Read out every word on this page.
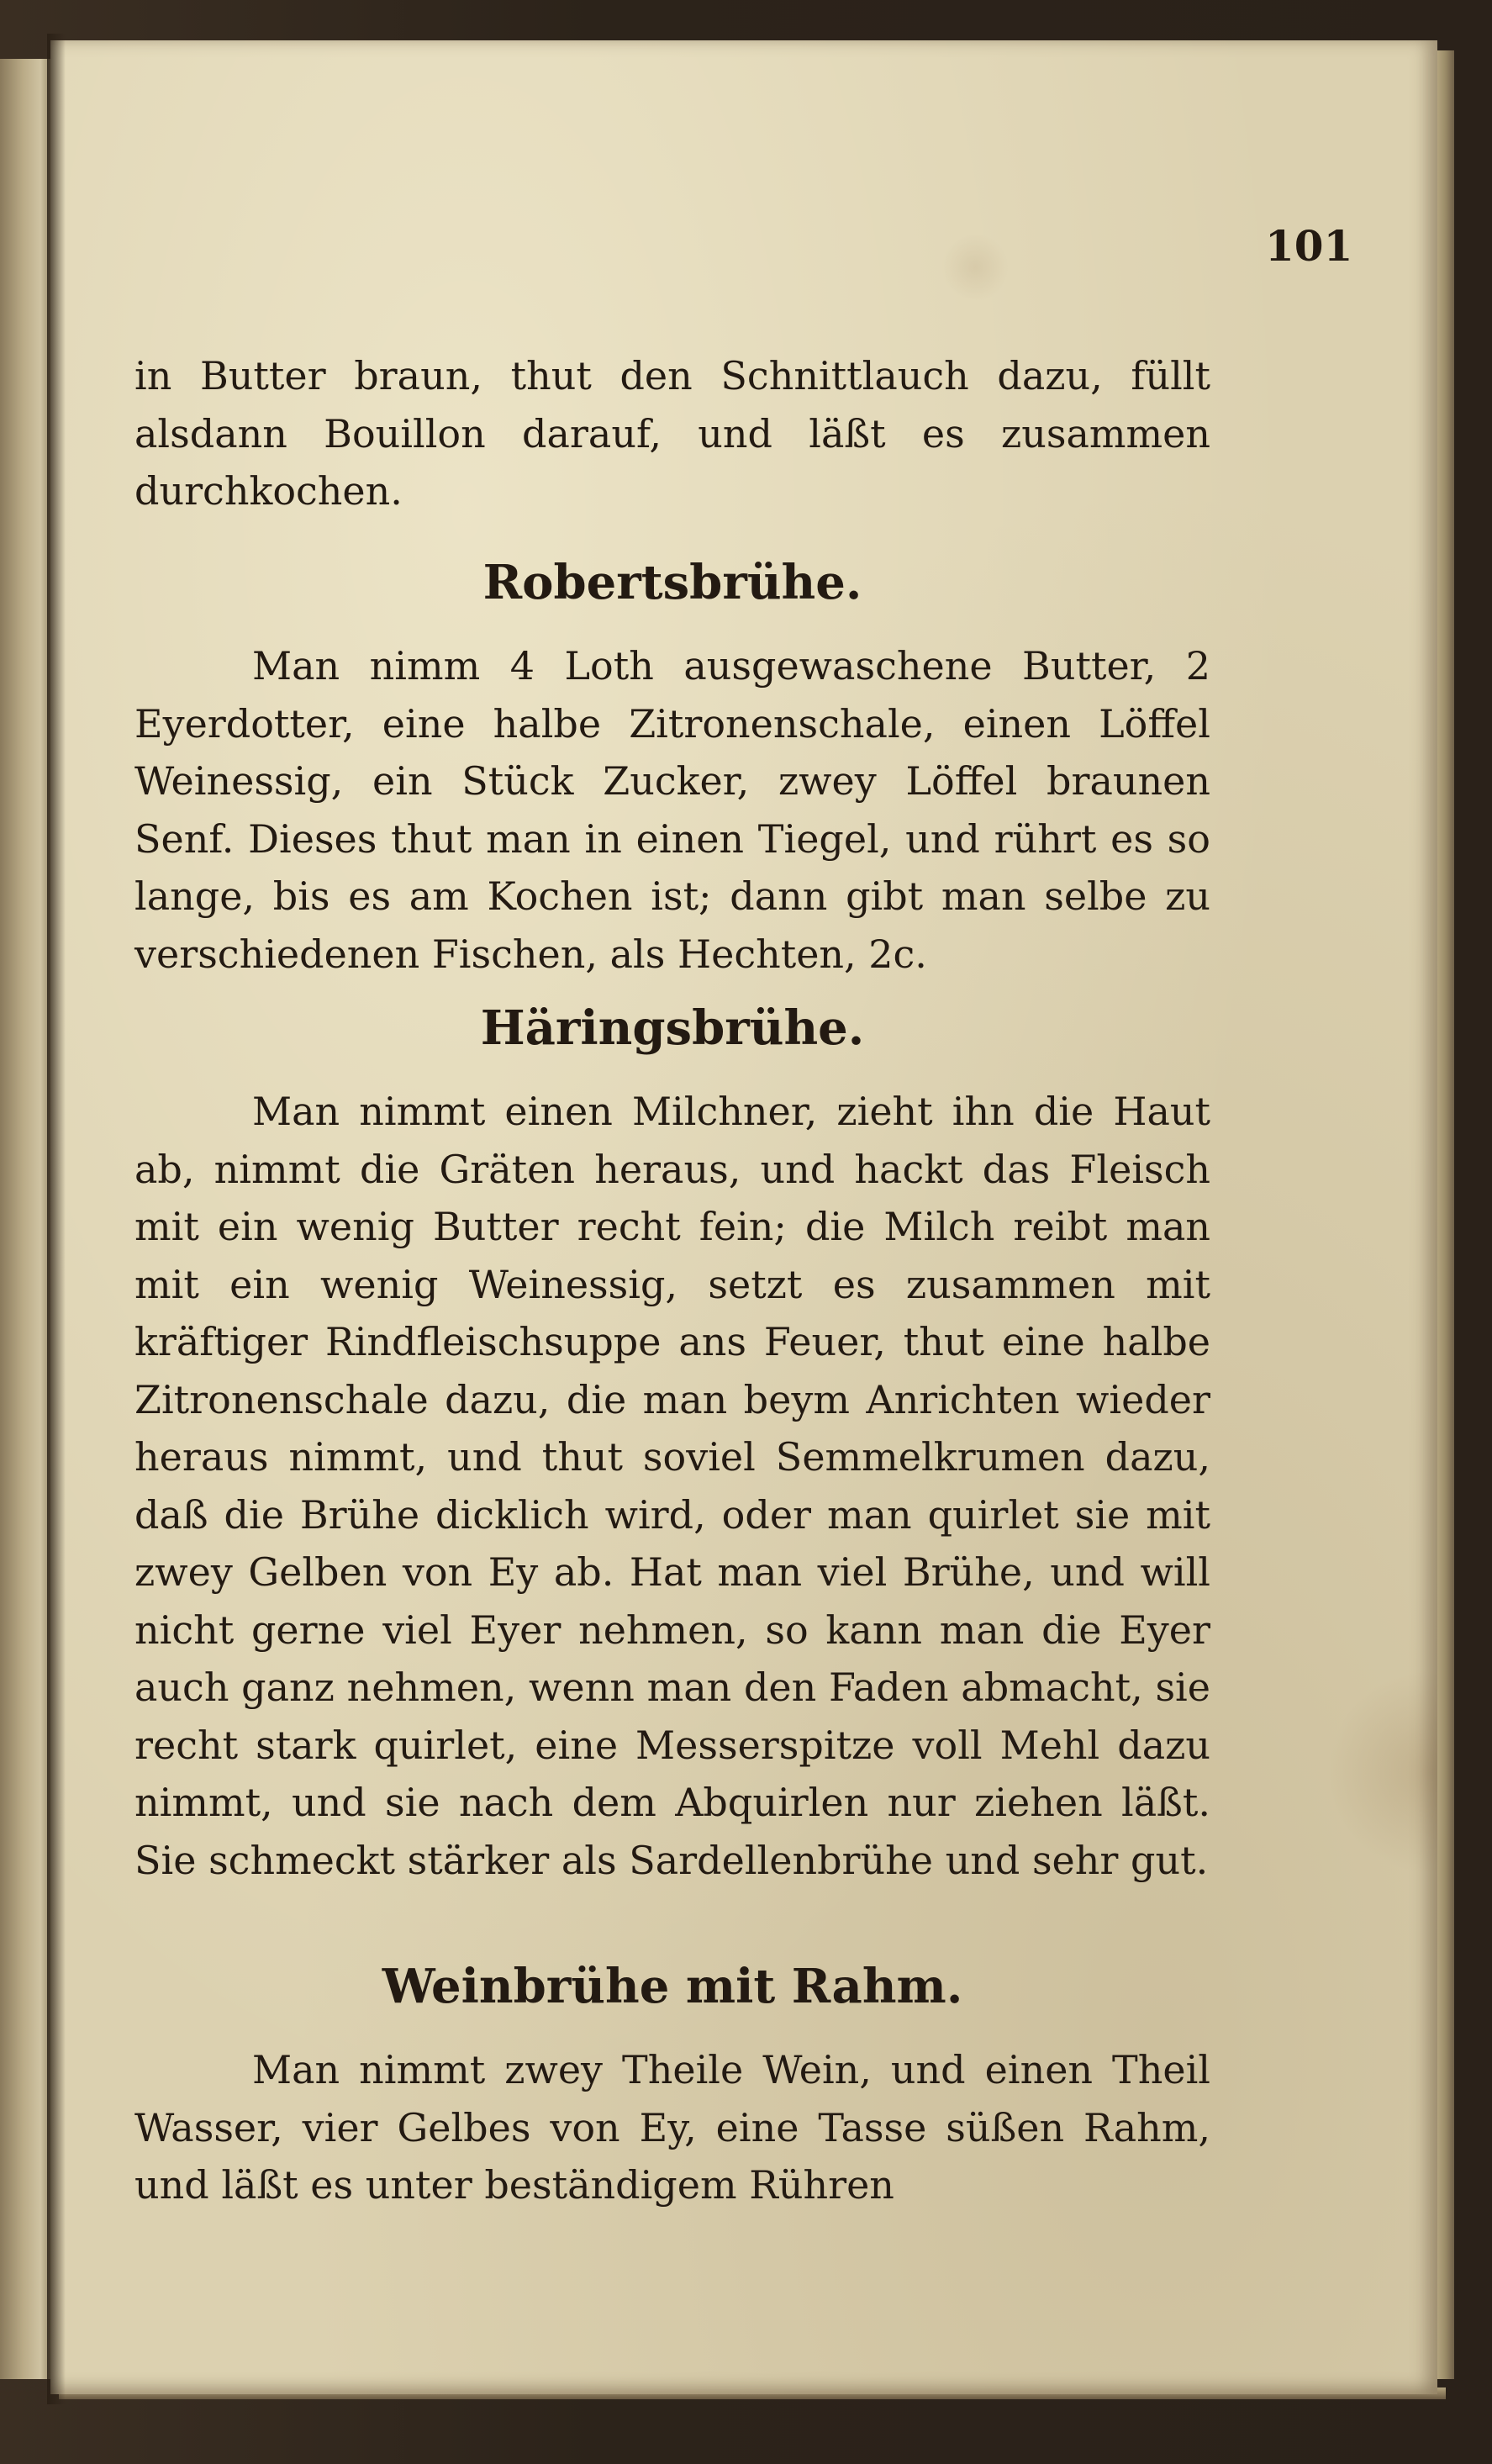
101

in Butter braun, thut den Schnittlauch dazu, füllt alsdann Bouillon darauf, und läßt es zusammen durchkochen.

Robertsbrühe.

Man nimm 4 Loth ausgewaschene Butter, 2 Eyerdotter, eine halbe Zitronenschale, einen Löffel Weinessig, ein Stück Zucker, zwey Löffel braunen Senf. Dieses thut man in einen Tiegel, und rührt es so lange, bis es am Kochen ist; dann gibt man selbe zu verschiedenen Fischen, als Hechten, 2c.

Häringsbrühe.

Man nimmt einen Milchner, zieht ihn die Haut ab, nimmt die Gräten heraus, und hackt das Fleisch mit ein wenig Butter recht fein; die Milch reibt man mit ein wenig Weinessig, setzt es zusammen mit kräftiger Rindfleischsuppe ans Feuer, thut eine halbe Zitronenschale dazu, die man beym Anrichten wieder heraus nimmt, und thut soviel Semmelkrumen dazu, daß die Brühe dicklich wird, oder man quirlet sie mit zwey Gelben von Ey ab. Hat man viel Brühe, und will nicht gerne viel Eyer nehmen, so kann man die Eyer auch ganz nehmen, wenn man den Faden abmacht, sie recht stark quirlet, eine Messerspitze voll Mehl dazu nimmt, und sie nach dem Abquirlen nur ziehen läßt. Sie schmeckt stärker als Sardellenbrühe und sehr gut.

Weinbrühe mit Rahm.

Man nimmt zwey Theile Wein, und einen Theil Wasser, vier Gelbes von Ey, eine Tasse süßen Rahm, und läßt es unter beständigem Rühren
